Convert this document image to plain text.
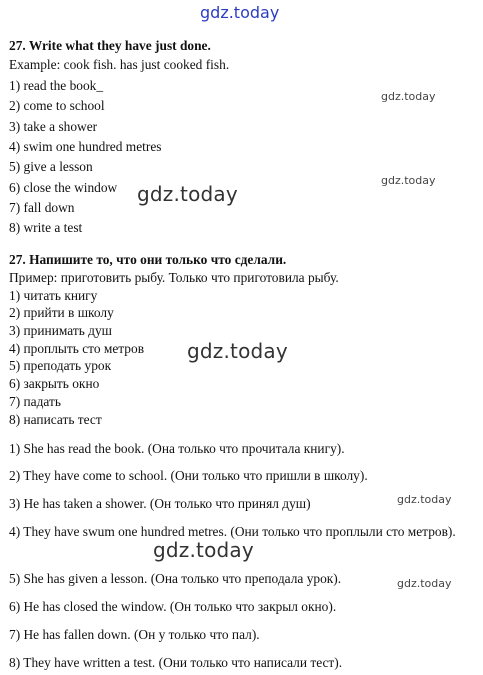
gdz.today
gdz.today
gdz.today
gdz.today
gdz.today
gdz.today
gdz.today
gdz.today
27. Write what they have just done.
Example: cook fish. has just cooked fish.
1) read the book_
2) come to school
3) take a shower
4) swim one hundred metres
5) give a lesson
6) close the window
7) fall down
8) write a test
27. Напишите то, что они только что сделали.
Пример: приготовить рыбу. Только что приготовила рыбу.
1) читать книгу
2) прийти в школу
3) принимать душ
4) проплыть сто метров
5) преподать урок
6) закрыть окно
7) падать
8) написать тест
1) She has read the book. (Она только что прочитала книгу).
2) They have come to school. (Они только что пришли в школу).
3) He has taken a shower. (Он только что принял душ)
4) They have swum one hundred metres. (Они только что проплыли сто метров).
5) She has given a lesson. (Она только что преподала урок).
6) He has closed the window. (Он только что закрыл окно).
7) He has fallen down. (Он у только что пал).
8) They have written a test. (Они только что написали тест).
